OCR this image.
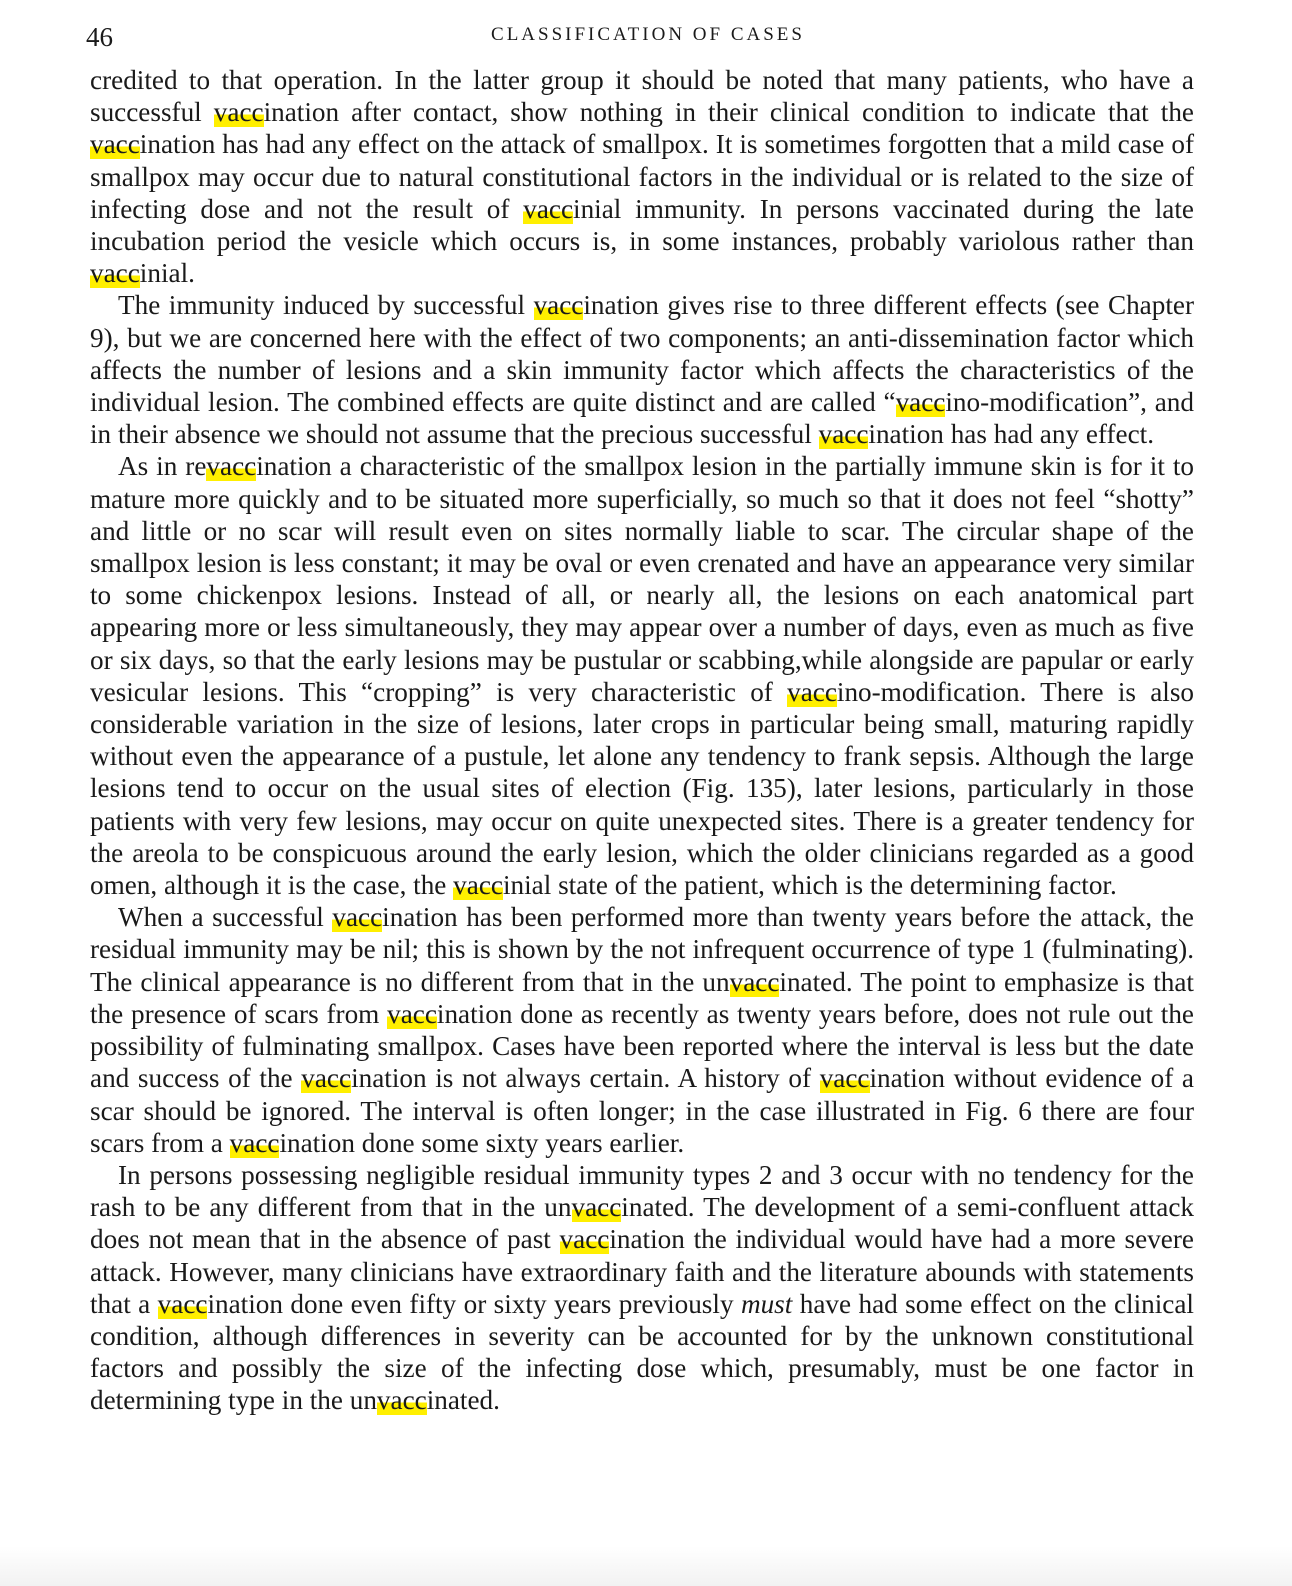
46	CLASSIFICATION OF CASES

credited to that operation. In the latter group it should be noted that many patients, who have a successful vaccination after contact, show nothing in their clinical condition to indicate that the vaccination has had any effect on the attack of smallpox. It is sometimes forgotten that a mild case of smallpox may occur due to natural constitutional factors in the individual or is related to the size of infecting dose and not the result of vaccinial immunity. In persons vaccinated during the late incubation period the vesicle which occurs is, in some instances, probably variolous rather than vaccinial.

The immunity induced by successful vaccination gives rise to three different effects (see Chapter 9), but we are concerned here with the effect of two components; an anti-dissemination factor which affects the number of lesions and a skin immunity factor which affects the characteristics of the individual lesion. The combined effects are quite distinct and are called “vaccino-modification”, and in their absence we should not assume that the precious successful vaccination has had any effect.

As in revaccination a characteristic of the smallpox lesion in the partially immune skin is for it to mature more quickly and to be situated more superficially, so much so that it does not feel “shotty” and little or no scar will result even on sites normally liable to scar. The circular shape of the smallpox lesion is less constant; it may be oval or even crenated and have an appearance very similar to some chickenpox lesions. Instead of all, or nearly all, the lesions on each anatomical part appearing more or less simultaneously, they may appear over a number of days, even as much as five or six days, so that the early lesions may be pustular or scabbing,while alongside are papular or early vesicular lesions. This “cropping” is very characteristic of vaccino-modification. There is also considerable variation in the size of lesions, later crops in particular being small, maturing rapidly without even the appearance of a pustule, let alone any tendency to frank sepsis. Although the large lesions tend to occur on the usual sites of election (Fig. 135), later lesions, particularly in those patients with very few lesions, may occur on quite unexpected sites. There is a greater tendency for the areola to be conspicuous around the early lesion, which the older clinicians regarded as a good omen, although it is the case, the vaccinial state of the patient, which is the determining factor.

When a successful vaccination has been performed more than twenty years before the attack, the residual immunity may be nil; this is shown by the not infrequent occurrence of type 1 (fulminating). The clinical appearance is no different from that in the unvaccinated. The point to emphasize is that the presence of scars from vaccination done as recently as twenty years before, does not rule out the possibility of fulminating smallpox. Cases have been reported where the interval is less but the date and success of the vaccination is not always certain. A history of vaccination without evidence of a scar should be ignored. The interval is often longer; in the case illustrated in Fig. 6 there are four scars from a vaccination done some sixty years earlier.

In persons possessing negligible residual immunity types 2 and 3 occur with no tendency for the rash to be any different from that in the unvaccinated. The development of a semi-confluent attack does not mean that in the absence of past vaccination the individual would have had a more severe attack. However, many clinicians have extraordinary faith and the literature abounds with statements that a vaccination done even fifty or sixty years previously must have had some effect on the clinical condition, although differences in severity can be accounted for by the unknown constitutional factors and possibly the size of the infecting dose which, presumably, must be one factor in determining type in the unvaccinated.
